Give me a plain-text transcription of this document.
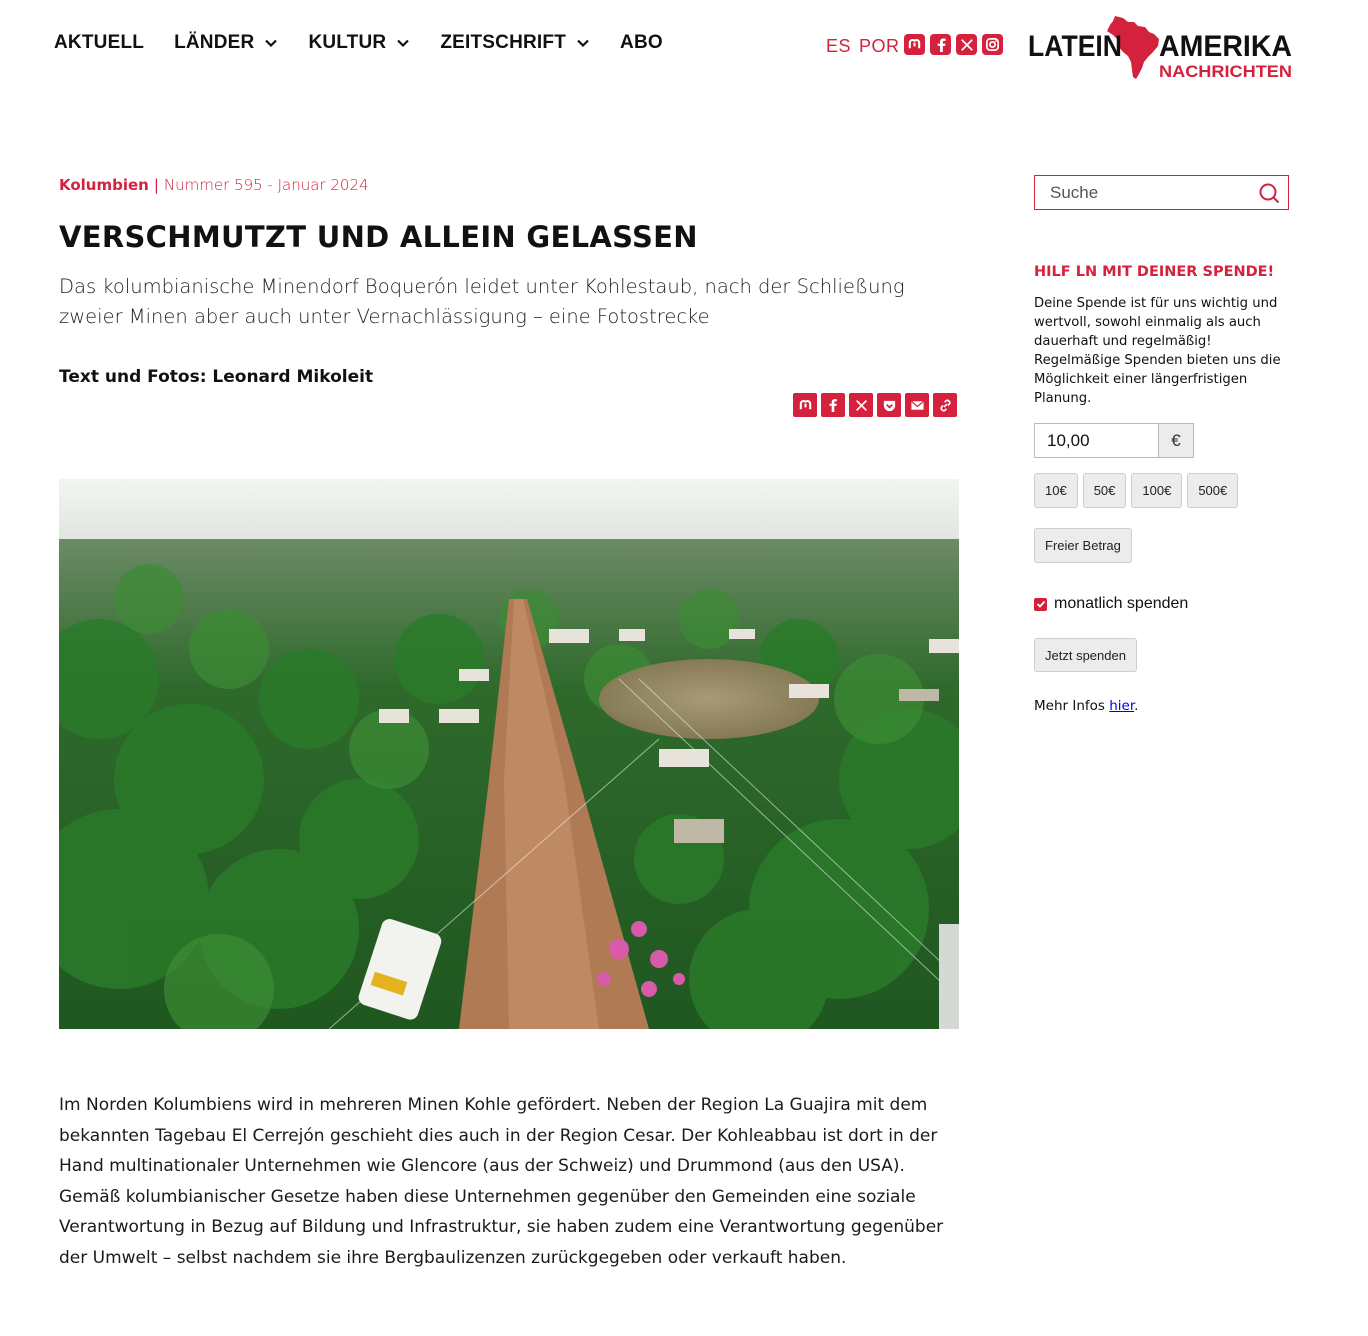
AKTUELL LÄNDER	KULTUR	ZEITSCHRIFT	ABO	ES POR	LATEIN AMERIKA
NACHRICHTEN
Kolumbien | Nummer 595 - Januar 2024
VERSCHMUTZT UND ALLEIN GELASSEN

Das kolumbianische Minendorf Boquerón leidet unter Kohlestaub, nach der Schließung zweier Minen aber auch unter Vernachlässigung – eine Fotostrecke

Text und Fotos: Leonard Mikoleit

Im Norden Kolumbiens wird in mehreren Minen Kohle gefördert. Neben der Region La Guajira mit dem bekannten Tagebau El Cerrejón geschieht dies auch in der Region Cesar. Der Kohleabbau ist dort in der Hand multinationaler Unternehmen wie Glencore (aus der Schweiz) und Drummond (aus den USA). Gemäß kolumbianischer Gesetze haben diese Unternehmen gegenüber den Gemeinden eine soziale Verantwortung in Bezug auf Bildung und Infrastruktur, sie haben zudem eine Verantwortung gegenüber der Umwelt – selbst nachdem sie ihre Bergbaulizenzen zurückgegeben oder verkauft haben.

Suche
HILF LN MIT DEINER SPENDE!

Deine Spende ist für uns wichtig und wertvoll, sowohl einmalig als auch dauerhaft und regelmäßig! Regelmäßige Spenden bieten uns die Möglichkeit einer längerfristigen Planung.

10,00
€
10€	50€	100€	500€
Freier Betrag
monatlich spenden
Jetzt spenden

Mehr Infos hier.
